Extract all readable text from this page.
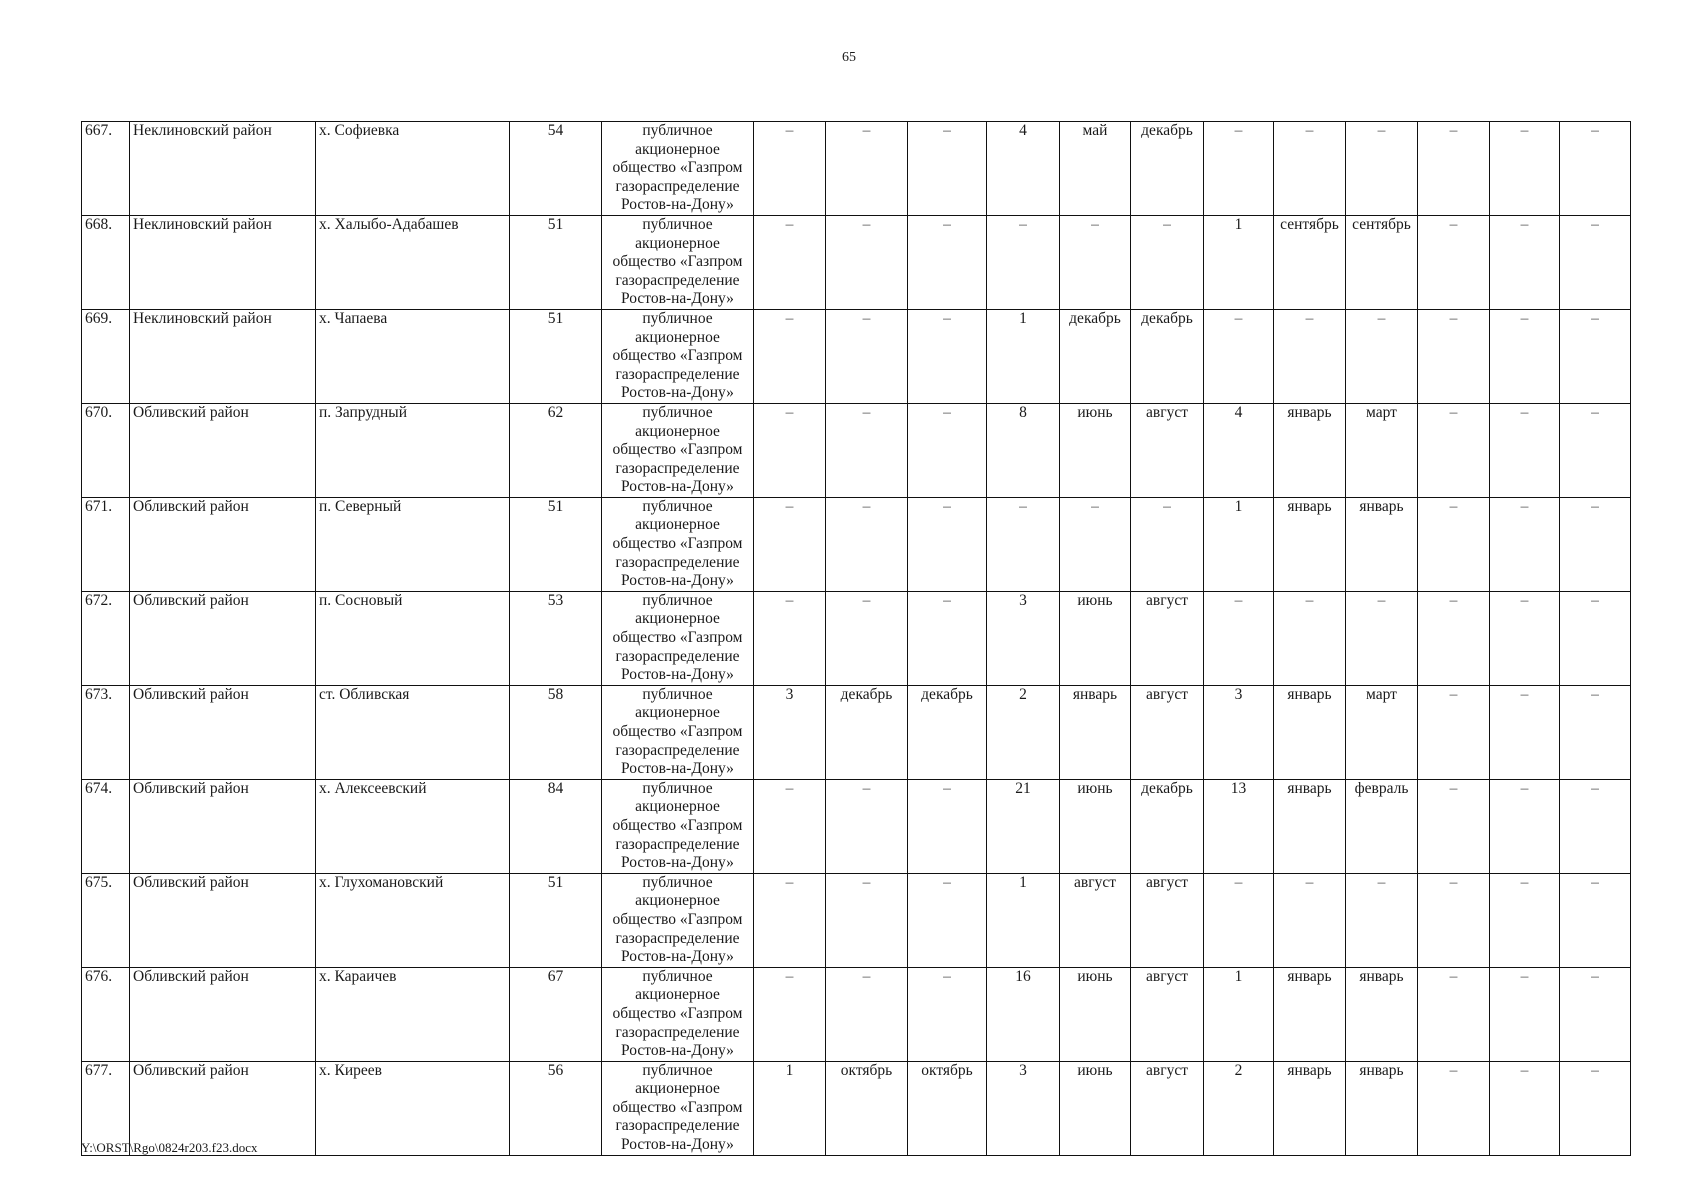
65
667.	Неклиновский район	х. Софиевка	54	публичное акционерное общество «Газпром газораспределение Ростов-на-Дону»	–	–	–	4	май	декабрь	–	–	–	–	–	–
668.	Неклиновский район	х. Халыбо-Адабашев	51	публичное акционерное общество «Газпром газораспределение Ростов-на-Дону»	–	–	–	–	–	–	1	сентябрь	сентябрь	–	–	–
669.	Неклиновский район	х. Чапаева	51	публичное акционерное общество «Газпром газораспределение Ростов-на-Дону»	–	–	–	1	декабрь	декабрь	–	–	–	–	–	–
670.	Обливский район	п. Запрудный	62	публичное акционерное общество «Газпром газораспределение Ростов-на-Дону»	–	–	–	8	июнь	август	4	январь	март	–	–	–
671.	Обливский район	п. Северный	51	публичное акционерное общество «Газпром газораспределение Ростов-на-Дону»	–	–	–	–	–	–	1	январь	январь	–	–	–
672.	Обливский район	п. Сосновый	53	публичное акционерное общество «Газпром газораспределение Ростов-на-Дону»	–	–	–	3	июнь	август	–	–	–	–	–	–
673.	Обливский район	ст. Обливская	58	публичное акционерное общество «Газпром газораспределение Ростов-на-Дону»	3	декабрь	декабрь	2	январь	август	3	январь	март	–	–	–
674.	Обливский район	х. Алексеевский	84	публичное акционерное общество «Газпром газораспределение Ростов-на-Дону»	–	–	–	21	июнь	декабрь	13	январь	февраль	–	–	–
675.	Обливский район	х. Глухомановский	51	публичное акционерное общество «Газпром газораспределение Ростов-на-Дону»	–	–	–	1	август	август	–	–	–	–	–	–
676.	Обливский район	х. Караичев	67	публичное акционерное общество «Газпром газораспределение Ростов-на-Дону»	–	–	–	16	июнь	август	1	январь	январь	–	–	–
677.	Обливский район	х. Киреев	56	публичное акционерное общество «Газпром газораспределение Ростов-на-Дону»	1	октябрь	октябрь	3	июнь	август	2	январь	январь	–	–	–
Y:\ORST\Rgo\0824r203.f23.docx
